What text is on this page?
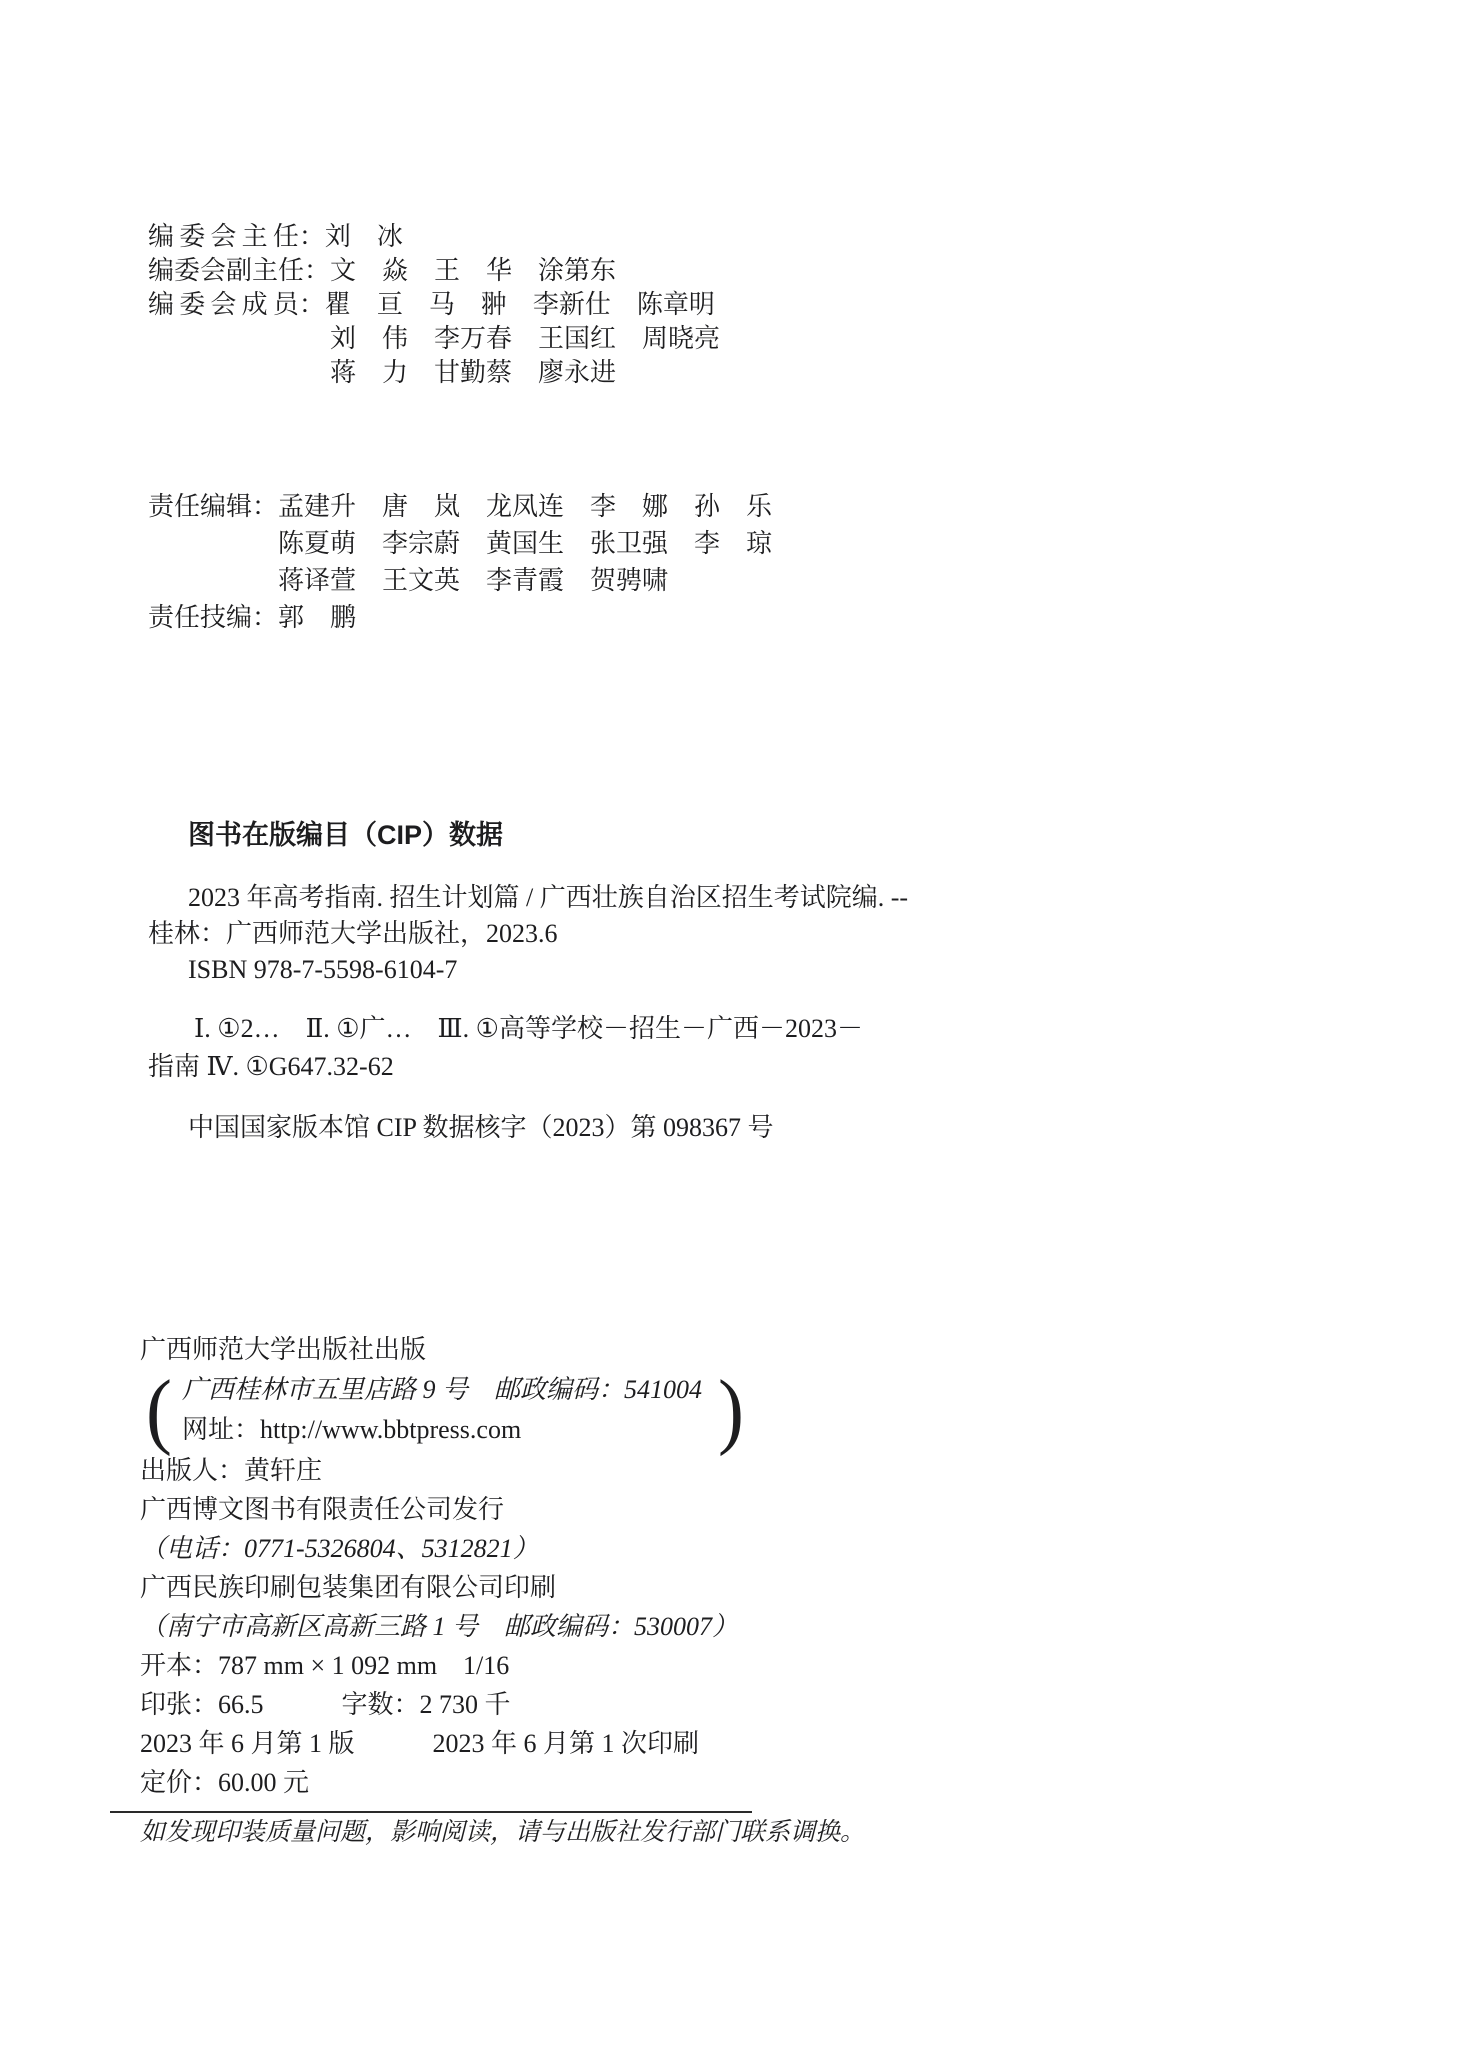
编 委 会 主 任：刘　冰
编委会副主任：文　焱　王　华　涂第东
编 委 会 成 员：瞿　亘　马　翀　李新仕　陈章明
刘　伟　李万春　王国红　周晓亮
蒋　力　甘勤蔡　廖永进
责任编辑：孟建升　唐　岚　龙凤连　李　娜　孙　乐
陈夏萌　李宗蔚　黄国生　张卫强　李　琼
蒋译萱　王文英　李青霞　贺骋啸
责任技编：郭　鹏
图书在版编目（CIP）数据
2023 年高考指南. 招生计划篇 / 广西壮族自治区招生考试院编. --
桂林：广西师范大学出版社，2023.6
ISBN 978-7-5598-6104-7
Ⅰ. ①2…　Ⅱ. ①广…　Ⅲ. ①高等学校－招生－广西－2023－
指南 Ⅳ. ①G647.32-62
中国国家版本馆 CIP 数据核字（2023）第 098367 号
广西师范大学出版社出版
( 广西桂林市五里店路 9 号　邮政编码：541004
网址：http://www.bbtpress.com	)
出版人：黄轩庄
广西博文图书有限责任公司发行
（电话：0771-5326804、5312821）
广西民族印刷包装集团有限公司印刷
（南宁市高新区高新三路 1 号　邮政编码：530007）
开本：787 mm × 1 092 mm　1/16
印张：66.5　　　字数：2 730 千
2023 年 6 月第 1 版　　　2023 年 6 月第 1 次印刷
定价：60.00 元
如发现印装质量问题，影响阅读，请与出版社发行部门联系调换。
